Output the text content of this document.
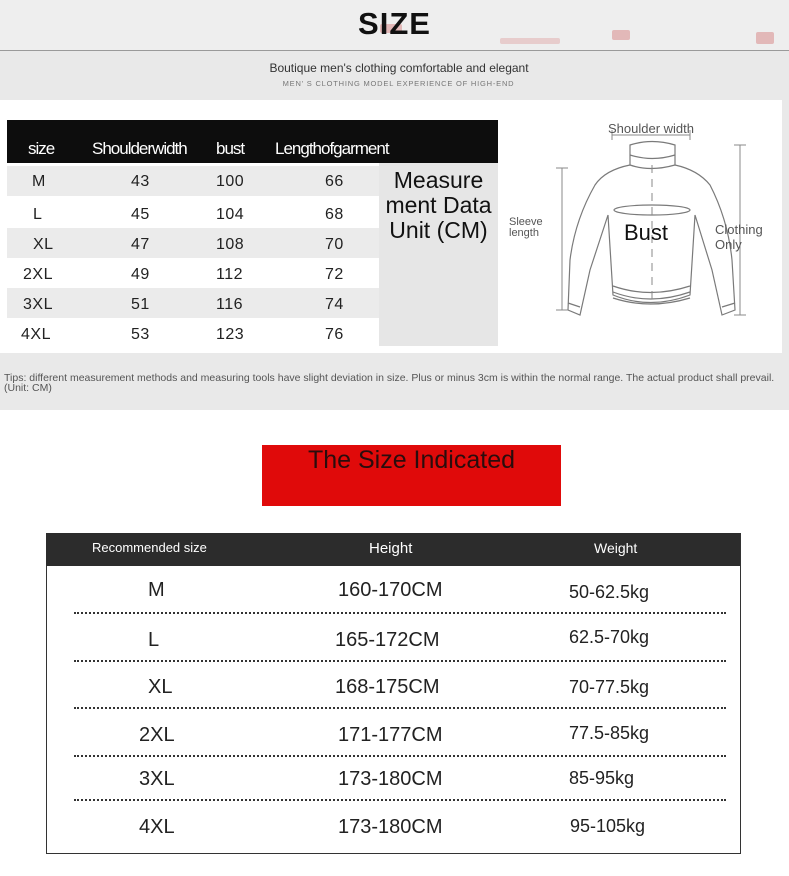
SIZE
Boutique men's clothing comfortable and elegant
MEN' S CLOTHING MODEL EXPERIENCE OF HIGH-END
size Shoulderwidth bust Lengthofgarment
M	43	100	66
L	45	104	68
XL	47	108	70
2XL	49	112	72
3XL	51	116	74
4XL	53	123	76
Measure
ment Data
Unit (CM)
Shoulder width
Sleeve
length	Bust	Clothing
Only
Tips: different measurement methods and measuring tools have slight deviation in size. Plus or minus 3cm is within the normal range. The actual product shall prevail. (Unit: CM)
The Size Indicated
Recommended size	Height	Weight
M	160-170CM	50-62.5kg
L	165-172CM	62.5-70kg
XL	168-175CM	70-77.5kg
2XL	171-177CM	77.5-85kg
3XL	173-180CM	85-95kg
4XL	173-180CM	95-105kg
